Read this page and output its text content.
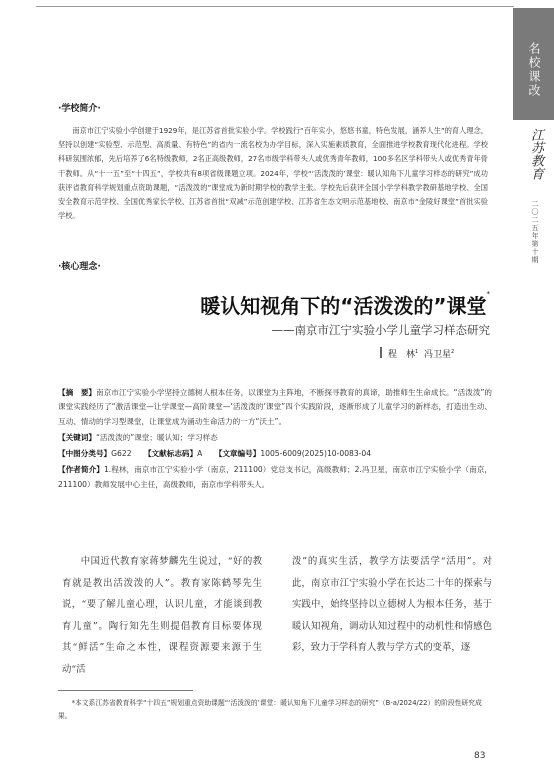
名校课改
江苏教育
二〇二五年第十期
·学校简介·
南京市江宁实验小学创建于1929年，是江苏省首批实验小学。学校践行“百年实小，悠悠书童，特色发展，涵养人生”的育人理念，坚持以创建“实验型、示范型、高质量、有特色”的省内一流名校为办学目标，深入实施素质教育，全面推进学校教育现代化进程。学校科研氛围浓郁，先后培养了6名特级教师，2名正高级教师，27名市级学科带头人或优秀青年教师，100多名区学科带头人或优秀青年骨干教师。从“十一五”至“十四五”，学校共有8项省级课题立项。2024年，学校“‘活泼泼的’课堂：暖认知角下儿童学习样态的研究”成功获评省教育科学规划重点资助课题，“活泼泼的”课堂成为新时期学校的教学主张。学校先后获评全国小学学科教学教研基地学校、全国安全教育示范学校、全国优秀家长学校、江苏省首批“双减”示范创建学校、江苏省生态文明示范基地校、南京市“金陵好课堂”首批实验学校。
·核心理念·
暖认知视角下的“活泼泼的”课堂*
——南京市江宁实验小学儿童学习样态研究
程　林$^1$ 冯卫星$^2$
【摘　要】南京市江宁实验小学坚持立德树人根本任务，以课堂为主阵地，不断探寻教育的真谛，助推师生生命成长。“活泼泼”的课堂实践经历了“激活课堂—让学课堂—高阶课堂—‘活泼泼的’课堂”四个实践阶段，逐渐形成了儿童学习的新样态，打造出生动、互动、情动的学习型课堂，让课堂成为涌动生命活力的一方“沃土”。
【关键词】“活泼泼的”课堂；暖认知；学习样态
【中图分类号】G622 【文献标志码】A 【文章编号】1005-6009(2025)10-0083-04
【作者简介】1.程林，南京市江宁实验小学（南京，211100）党总支书记，高级教师；2.冯卫星，南京市江宁实验小学（南京，211100）教师发展中心主任，高级教师，南京市学科带头人。
中国近代教育家蒋梦麟先生说过，“好的教育就是教出活泼泼的人”。教育家陈鹤琴先生说，“要了解儿童心理，认识儿童，才能谈到教育儿童”。陶行知先生则提倡教育目标要体现其“鲜活”生命之本性，课程资源要来源于生动“活
泼”的真实生活，教学方法要活学“活用”。对此，南京市江宁实验小学在长达二十年的探索与实践中，始终坚持以立德树人为根本任务，基于暖认知视角，调动认知过程中的动机性和情感色彩，致力于学科育人教与学方式的变革，逐
*本文系江苏省教育科学“十四五”规划重点资助课题“‘活泼泼的’课堂：暖认知角下儿童学习样态的研究”（B-a/2024/22）的阶段性研究成果。
83
